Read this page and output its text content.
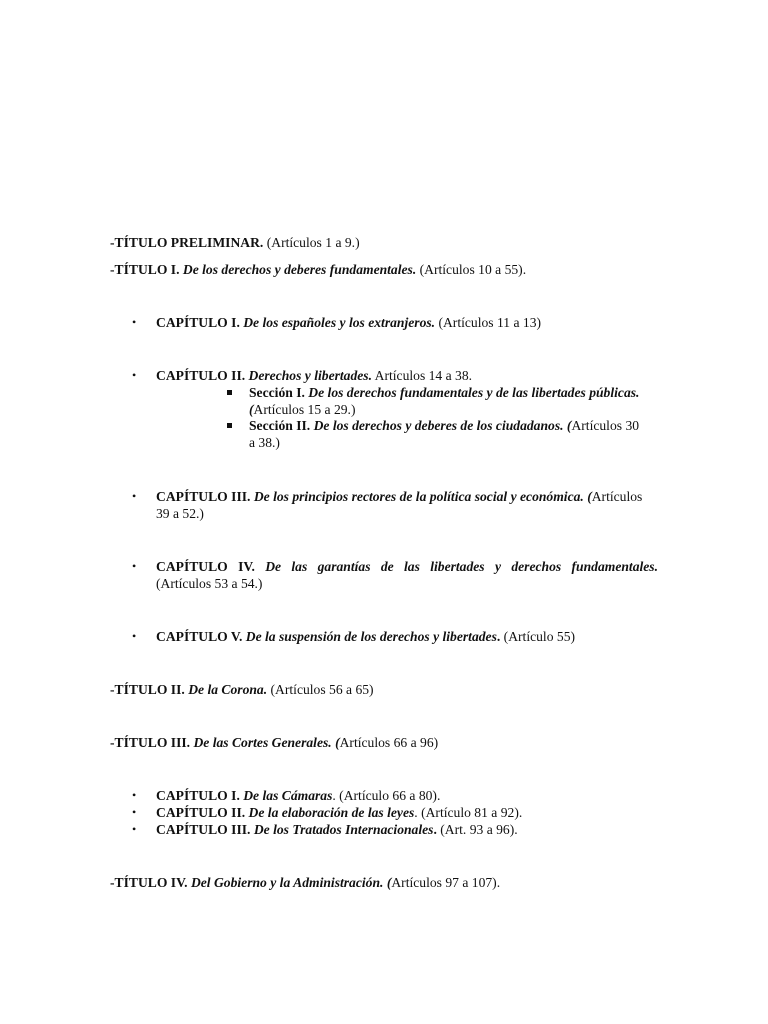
-TÍTULO PRELIMINAR. (Artículos 1 a 9.)
-TÍTULO I. De los derechos y deberes fundamentales. (Artículos 10 a 55).
• CAPÍTULO I. De los españoles y los extranjeros. (Artículos 11 a 13)
• CAPÍTULO II. Derechos y libertades. Artículos 14 a 38.
Sección I. De los derechos fundamentales y de las libertades públicas.
(Artículos 15 a 29.)
Sección II. De los derechos y deberes de los ciudadanos. (Artículos 30
a 38.)
• CAPÍTULO III. De los principios rectores de la política social y económica. (Artículos
39 a 52.)
• CAPÍTULO IV. De las garantías de las libertades y derechos fundamentales.
(Artículos 53 a 54.)
• CAPÍTULO V. De la suspensión de los derechos y libertades. (Artículo 55)
-TÍTULO II. De la Corona. (Artículos 56 a 65)
-TÍTULO III. De las Cortes Generales. (Artículos 66 a 96)
• CAPÍTULO I. De las Cámaras. (Artículo 66 a 80).
• CAPÍTULO II. De la elaboración de las leyes. (Artículo 81 a 92).
• CAPÍTULO III. De los Tratados Internacionales. (Art. 93 a 96).
-TÍTULO IV. Del Gobierno y la Administración. (Artículos 97 a 107).
